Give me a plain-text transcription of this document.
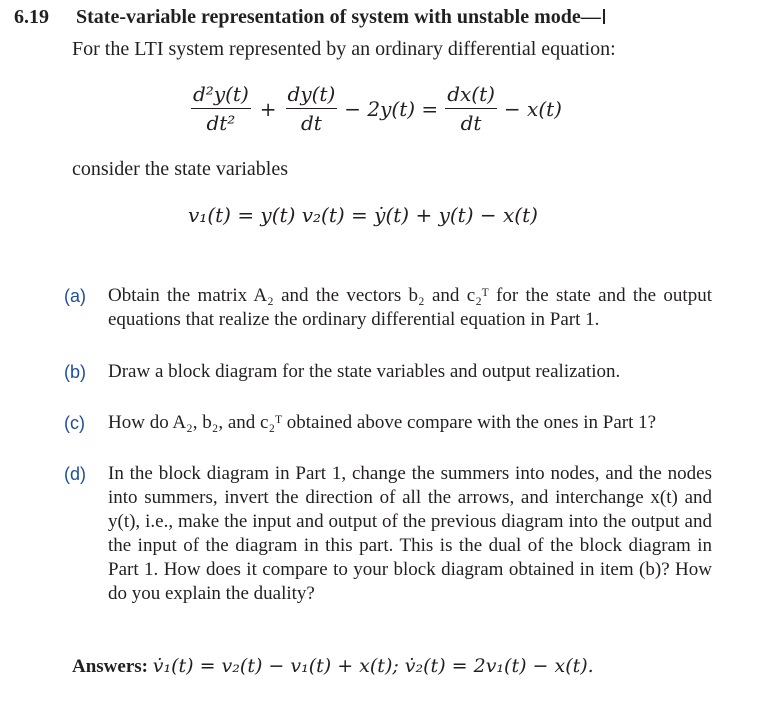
6.19 State-variable representation of system with unstable mode—
For the LTI system represented by an ordinary differential equation:
$\frac{\text{d²y(t)}}{\text{dt²}} + \frac{dy(t)}{dt} - 2y(t) = \frac{dx(t)}{dt} - x(t)$
consider the state variables
v₁(t) = y(t) v₂(t) = ẏ(t) + y(t) − x(t)
(a) Obtain the matrix A₂ and the vectors b₂ and c₂ᵀ for the state and the output equations that realize the ordinary differential equation in Part 1.
(b) Draw a block diagram for the state variables and output realization.
(c) How do A₂, b₂, and c₂ᵀ obtained above compare with the ones in Part 1?
(d) In the block diagram in Part 1, change the summers into nodes, and the nodes into summers, invert the direction of all the arrows, and interchange x(t) and y(t), i.e., make the input and output of the previous diagram into the output and the input of the diagram in this part. This is the dual of the block diagram in Part 1. How does it compare to your block diagram obtained in item (b)? How do you explain the duality?
Answers: v̇₁(t) = v₂(t) − v₁(t) + x(t); v̇₂(t) = 2v₁(t) − x(t).
